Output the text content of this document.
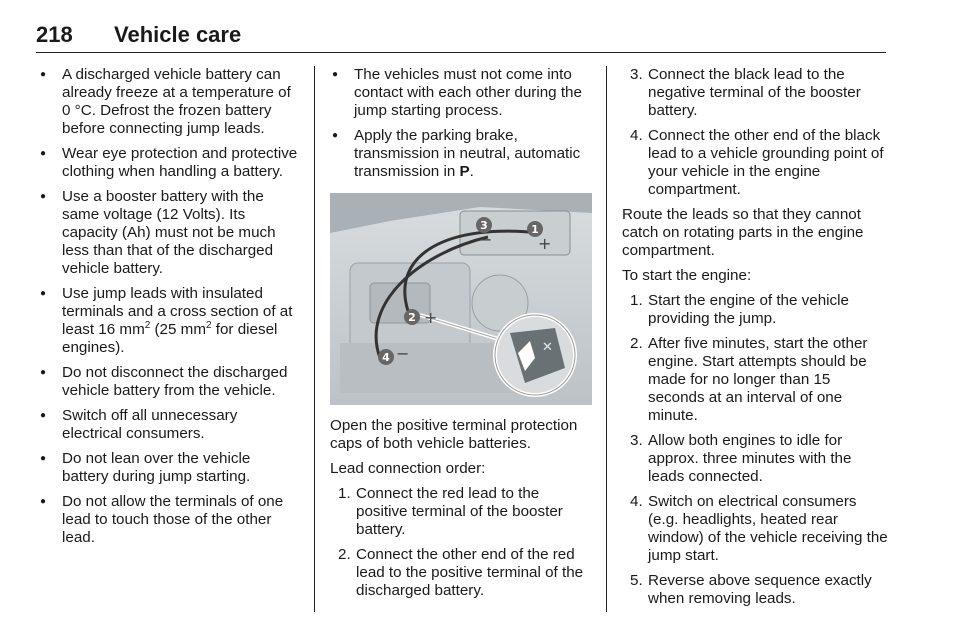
218 Vehicle care
● A discharged vehicle battery can already freeze at a temperature of 0 °C. Defrost the frozen battery before connecting jump leads.
● Wear eye protection and protective clothing when handling a battery.
● Use a booster battery with the same voltage (12 Volts). Its capacity (Ah) must not be much less than that of the discharged vehicle battery.
● Use jump leads with insulated terminals and a cross section of at least 16 $mm^2$ (25 $mm^2$ for diesel engines).
● Do not disconnect the discharged vehicle battery from the vehicle.
● Switch off all unnecessary electrical consumers.
● Do not lean over the vehicle battery during jump starting.
● Do not allow the terminals of one lead to touch those of the other lead.
● The vehicles must not come into contact with each other during the jump starting process.
● Apply the parking brake, transmission in neutral, automatic transmission in P.
✕
1
+
3
−
2 +
4 −

Open the positive terminal protection caps of both vehicle batteries.

Lead connection order:

1. Connect the red lead to the positive terminal of the booster battery.
2. Connect the other end of the red lead to the positive terminal of the discharged battery.
3. Connect the black lead to the negative terminal of the booster battery.
4. Connect the other end of the black lead to a vehicle grounding point of your vehicle in the engine compartment.

Route the leads so that they cannot catch on rotating parts in the engine compartment.

To start the engine:

1. Start the engine of the vehicle providing the jump.
2. After five minutes, start the other engine. Start attempts should be made for no longer than 15 seconds at an interval of one minute.
3. Allow both engines to idle for approx. three minutes with the leads connected.
4. Switch on electrical consumers (e.g. headlights, heated rear window) of the vehicle receiving the jump start.
5. Reverse above sequence exactly when removing leads.
